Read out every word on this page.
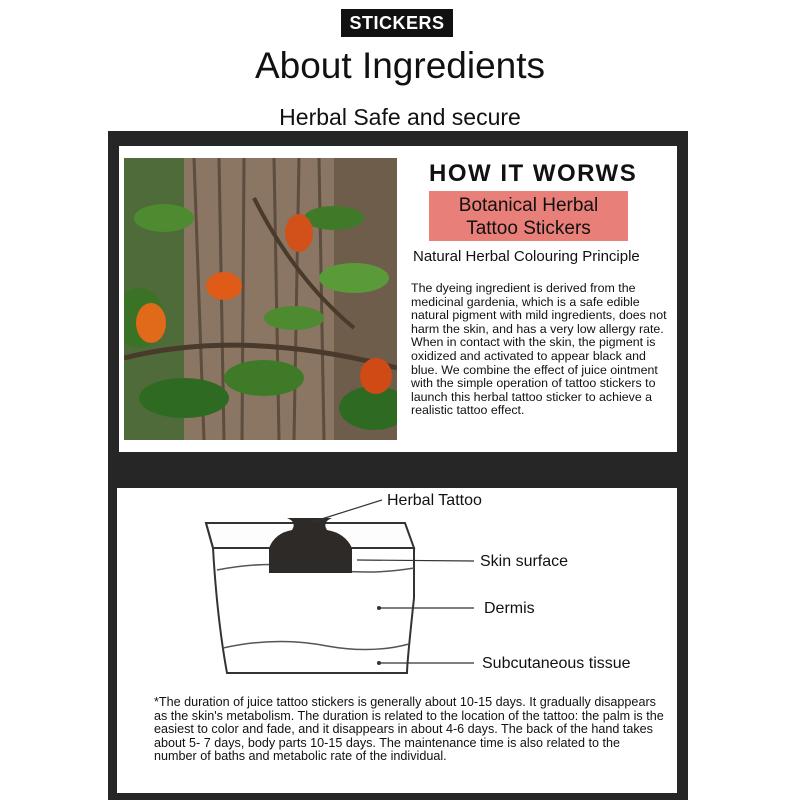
STICKERS
About Ingredients
Herbal Safe and secure
HOW IT WORWS
Botanical Herbal
Tattoo Stickers
Natural Herbal Colouring Principle

The dyeing ingredient is derived from the medicinal gardenia, which is a safe edible natural pigment with mild ingredients, does not harm the skin, and has a very low allergy rate. When in contact with the skin, the pigment is oxidized and activated to appear black and blue. We combine the effect of juice ointment with the simple operation of tattoo stickers to launch this herbal tattoo sticker to achieve a realistic tattoo effect.

Herbal Tattoo
Skin surface
Dermis
Subcutaneous tissue

*The duration of juice tattoo stickers is generally about 10-15 days. It gradually disappears as the skin's metabolism. The duration is related to the location of the tattoo: the palm is the easiest to color and fade, and it disappears in about 4-6 days. The back of the hand takes about 5- 7 days, body parts 10-15 days. The maintenance time is also related to the number of baths and metabolic rate of the individual.
